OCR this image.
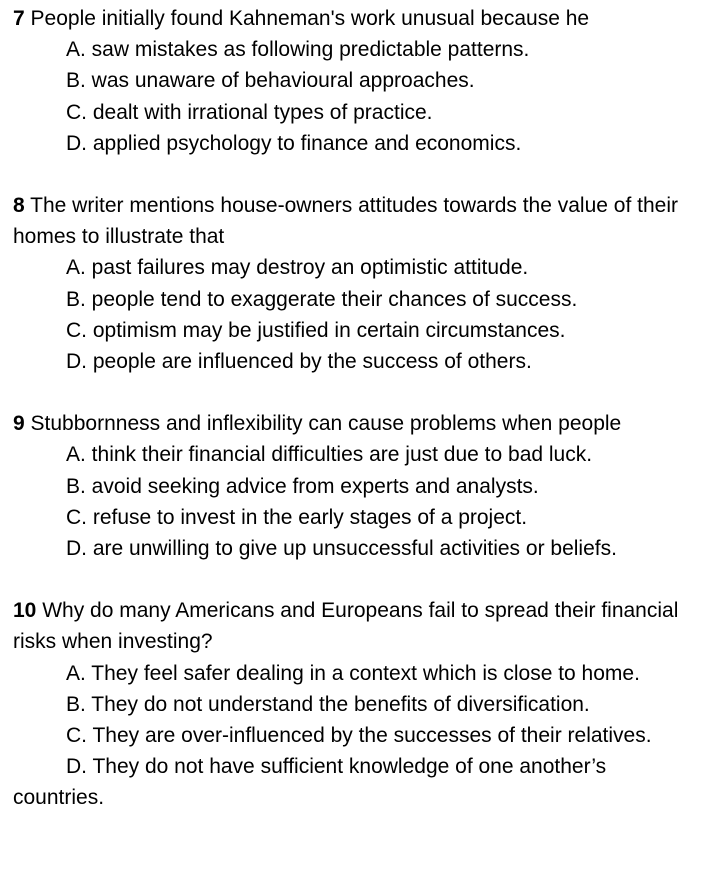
7 People initially found Kahneman's work unusual because he

A. saw mistakes as following predictable patterns.

B. was unaware of behavioural approaches.

C. dealt with irrational types of practice.

D. applied psychology to finance and economics.

8 The writer mentions house-owners attitudes towards the value of their homes to illustrate that

A. past failures may destroy an optimistic attitude.

B. people tend to exaggerate their chances of success.

C. optimism may be justified in certain circumstances.

D. people are influenced by the success of others.

9 Stubbornness and inflexibility can cause problems when people

A. think their financial difficulties are just due to bad luck.

B. avoid seeking advice from experts and analysts.

C. refuse to invest in the early stages of a project.

D. are unwilling to give up unsuccessful activities or beliefs.

10 Why do many Americans and Europeans fail to spread their financial risks when investing?

A. They feel safer dealing in a context which is close to home.

B. They do not understand the benefits of diversification.

C. They are over-influenced by the successes of their relatives.

D. They do not have sufficient knowledge of one another’s countries.
